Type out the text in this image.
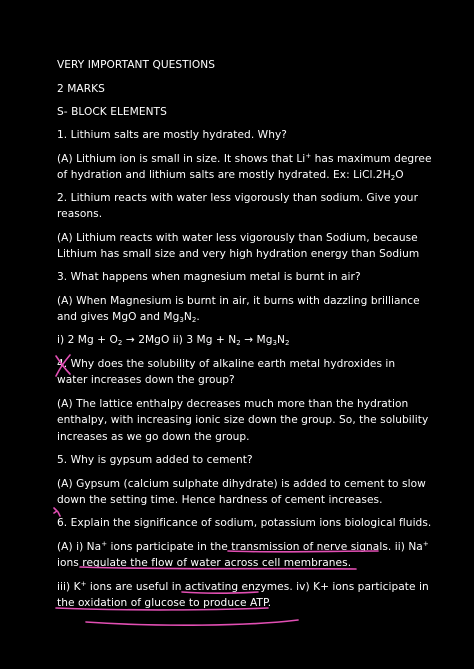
VERY IMPORTANT QUESTIONS
2 MARKS
S- BLOCK ELEMENTS
1. Lithium salts are mostly hydrated. Why?
(A) Lithium ion is small in size. It shows that Li+ has maximum degree
of hydration and lithium salts are mostly hydrated. Ex: $LiCl.2H_2O$
2. Lithium reacts with water less vigorously than sodium. Give your
reasons.
(A) Lithium reacts with water less vigorously than Sodium, because
Lithium has small size and very high hydration energy than Sodium
3. What happens when magnesium metal is burnt in air?
(A) When Magnesium is burnt in air, it burns with dazzling brilliance
and gives MgO and $Mg_3N_2$.
i) 2 $Mg + O_2 \to 2MgO$ ii) 3 $Mg + N_2 \to Mg_3N_2$
4. Why does the solubility of alkaline earth metal hydroxides in
water increases down the group?
(A) The lattice enthalpy decreases much more than the hydration
enthalpy, with increasing ionic size down the group. So, the solubility
increases as we go down the group.
5. Why is gypsum added to cement?
(A) Gypsum (calcium sulphate dihydrate) is added to cement to slow
down the setting time. Hence hardness of cement increases.
6. Explain the significance of sodium, potassium ions biological fluids.
(A) i) Na+ ions participate in the transmission of nerve signals. ii) Na+
ions regulate the flow of water across cell membranes.
iii) K+ ions are useful in activating enzymes. iv) K+ ions participate in
the oxidation of glucose to produce ATP.
